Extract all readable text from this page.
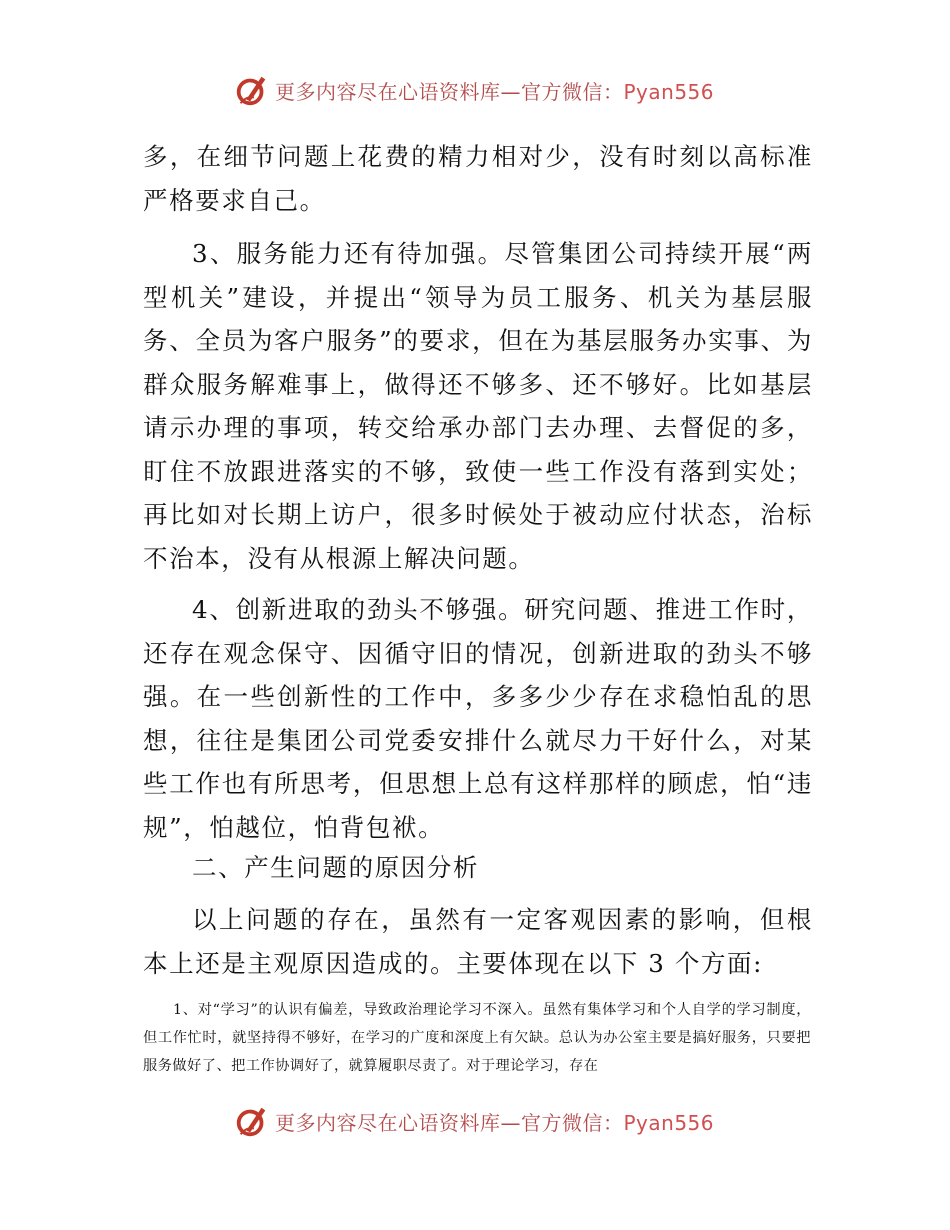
更多内容尽在心语资料库—官方微信：Pyan556

多，在细节问题上花费的精力相对少，没有时刻以高标准严格要求自己。

3、服务能力还有待加强。尽管集团公司持续开展“两型机关”建设，并提出“领导为员工服务、机关为基层服务、全员为客户服务”的要求，但在为基层服务办实事、为群众服务解难事上，做得还不够多、还不够好。比如基层请示办理的事项，转交给承办部门去办理、去督促的多，盯住不放跟进落实的不够，致使一些工作没有落到实处；再比如对长期上访户，很多时候处于被动应付状态，治标不治本，没有从根源上解决问题。

4、创新进取的劲头不够强。研究问题、推进工作时，还存在观念保守、因循守旧的情况，创新进取的劲头不够强。在一些创新性的工作中，多多少少存在求稳怕乱的思想，往往是集团公司党委安排什么就尽力干好什么，对某些工作也有所思考，但思想上总有这样那样的顾虑，怕“违规”，怕越位，怕背包袱。

二、产生问题的原因分析

以上问题的存在，虽然有一定客观因素的影响，但根本上还是主观原因造成的。主要体现在以下 3 个方面:

1、对“学习”的认识有偏差，导致政治理论学习不深入。虽然有集体学习和个人自学的学习制度，但工作忙时，就坚持得不够好，在学习的广度和深度上有欠缺。总认为办公室主要是搞好服务，只要把服务做好了、把工作协调好了，就算履职尽责了。对于理论学习，存在

更多内容尽在心语资料库—官方微信：Pyan556
